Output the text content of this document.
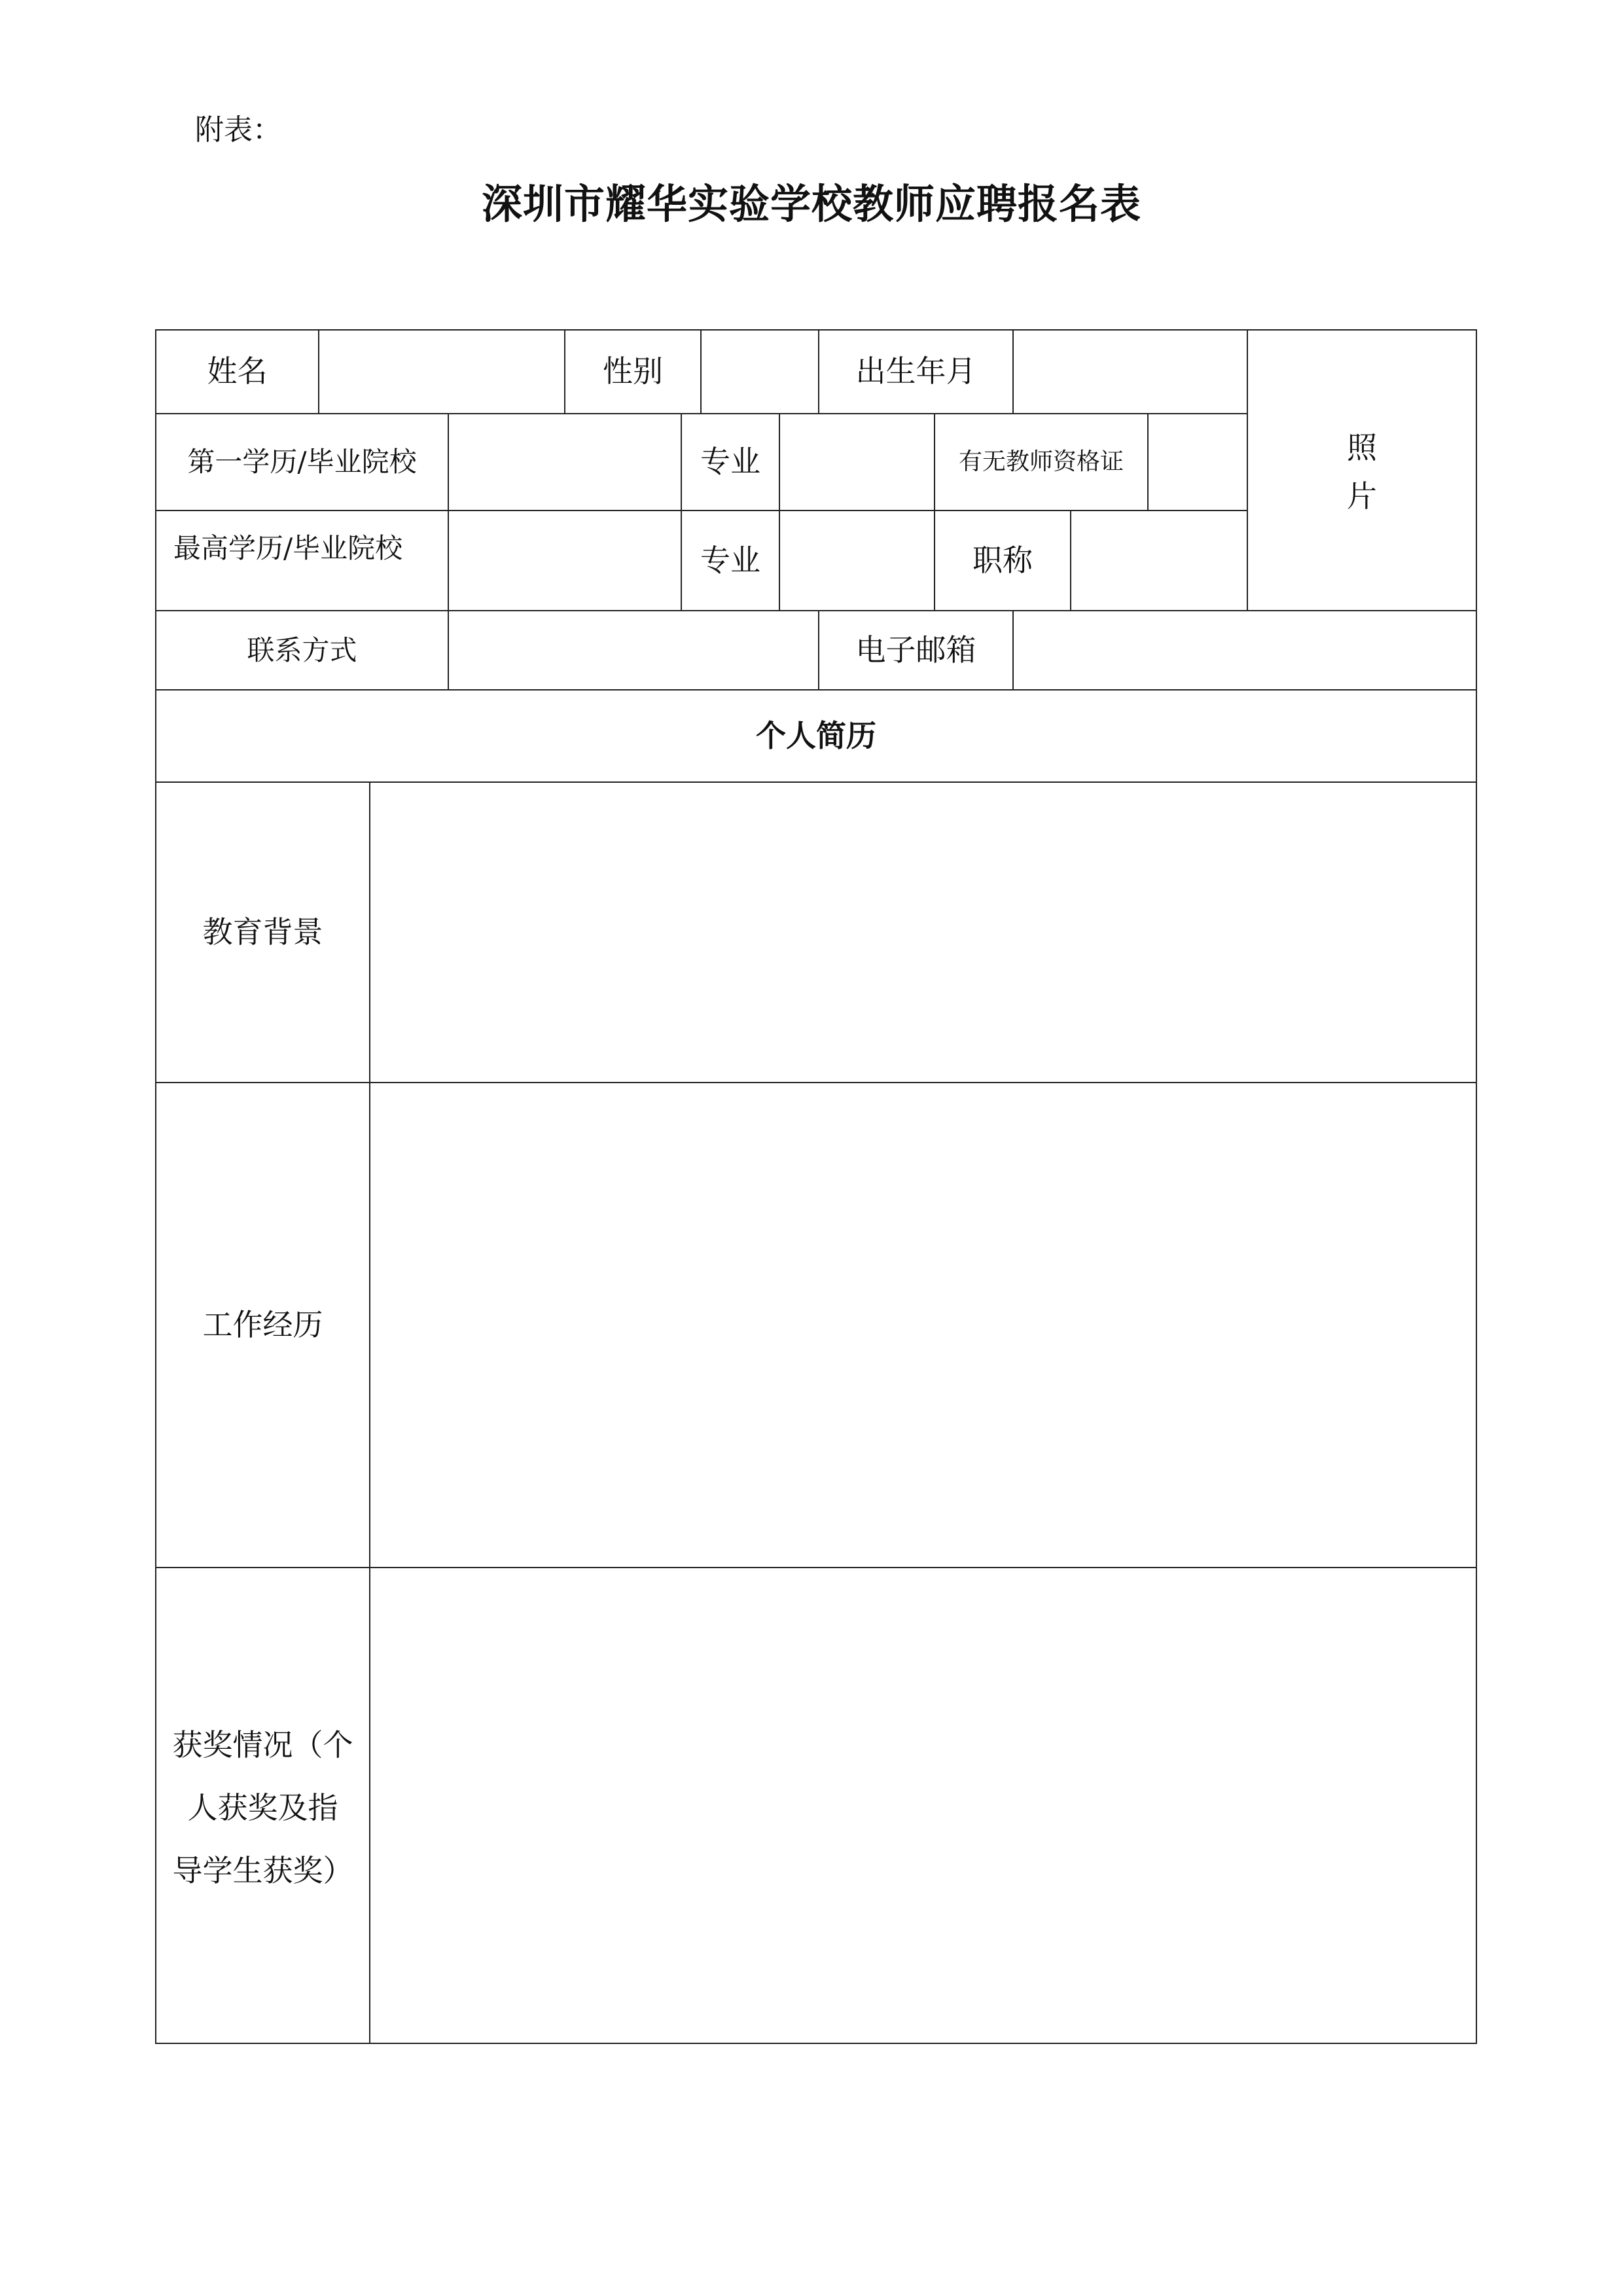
附表：
深圳市耀华实验学校教师应聘报名表
姓名	性别	出生年月
照
片
第一学历/毕业院校	专业	有无教师资格证
最高学历/毕业院校	专业	职称
联系方式	电子邮箱
个人简历
教育背景
工作经历
获奖情况（个
人获奖及指
导学生获奖）
